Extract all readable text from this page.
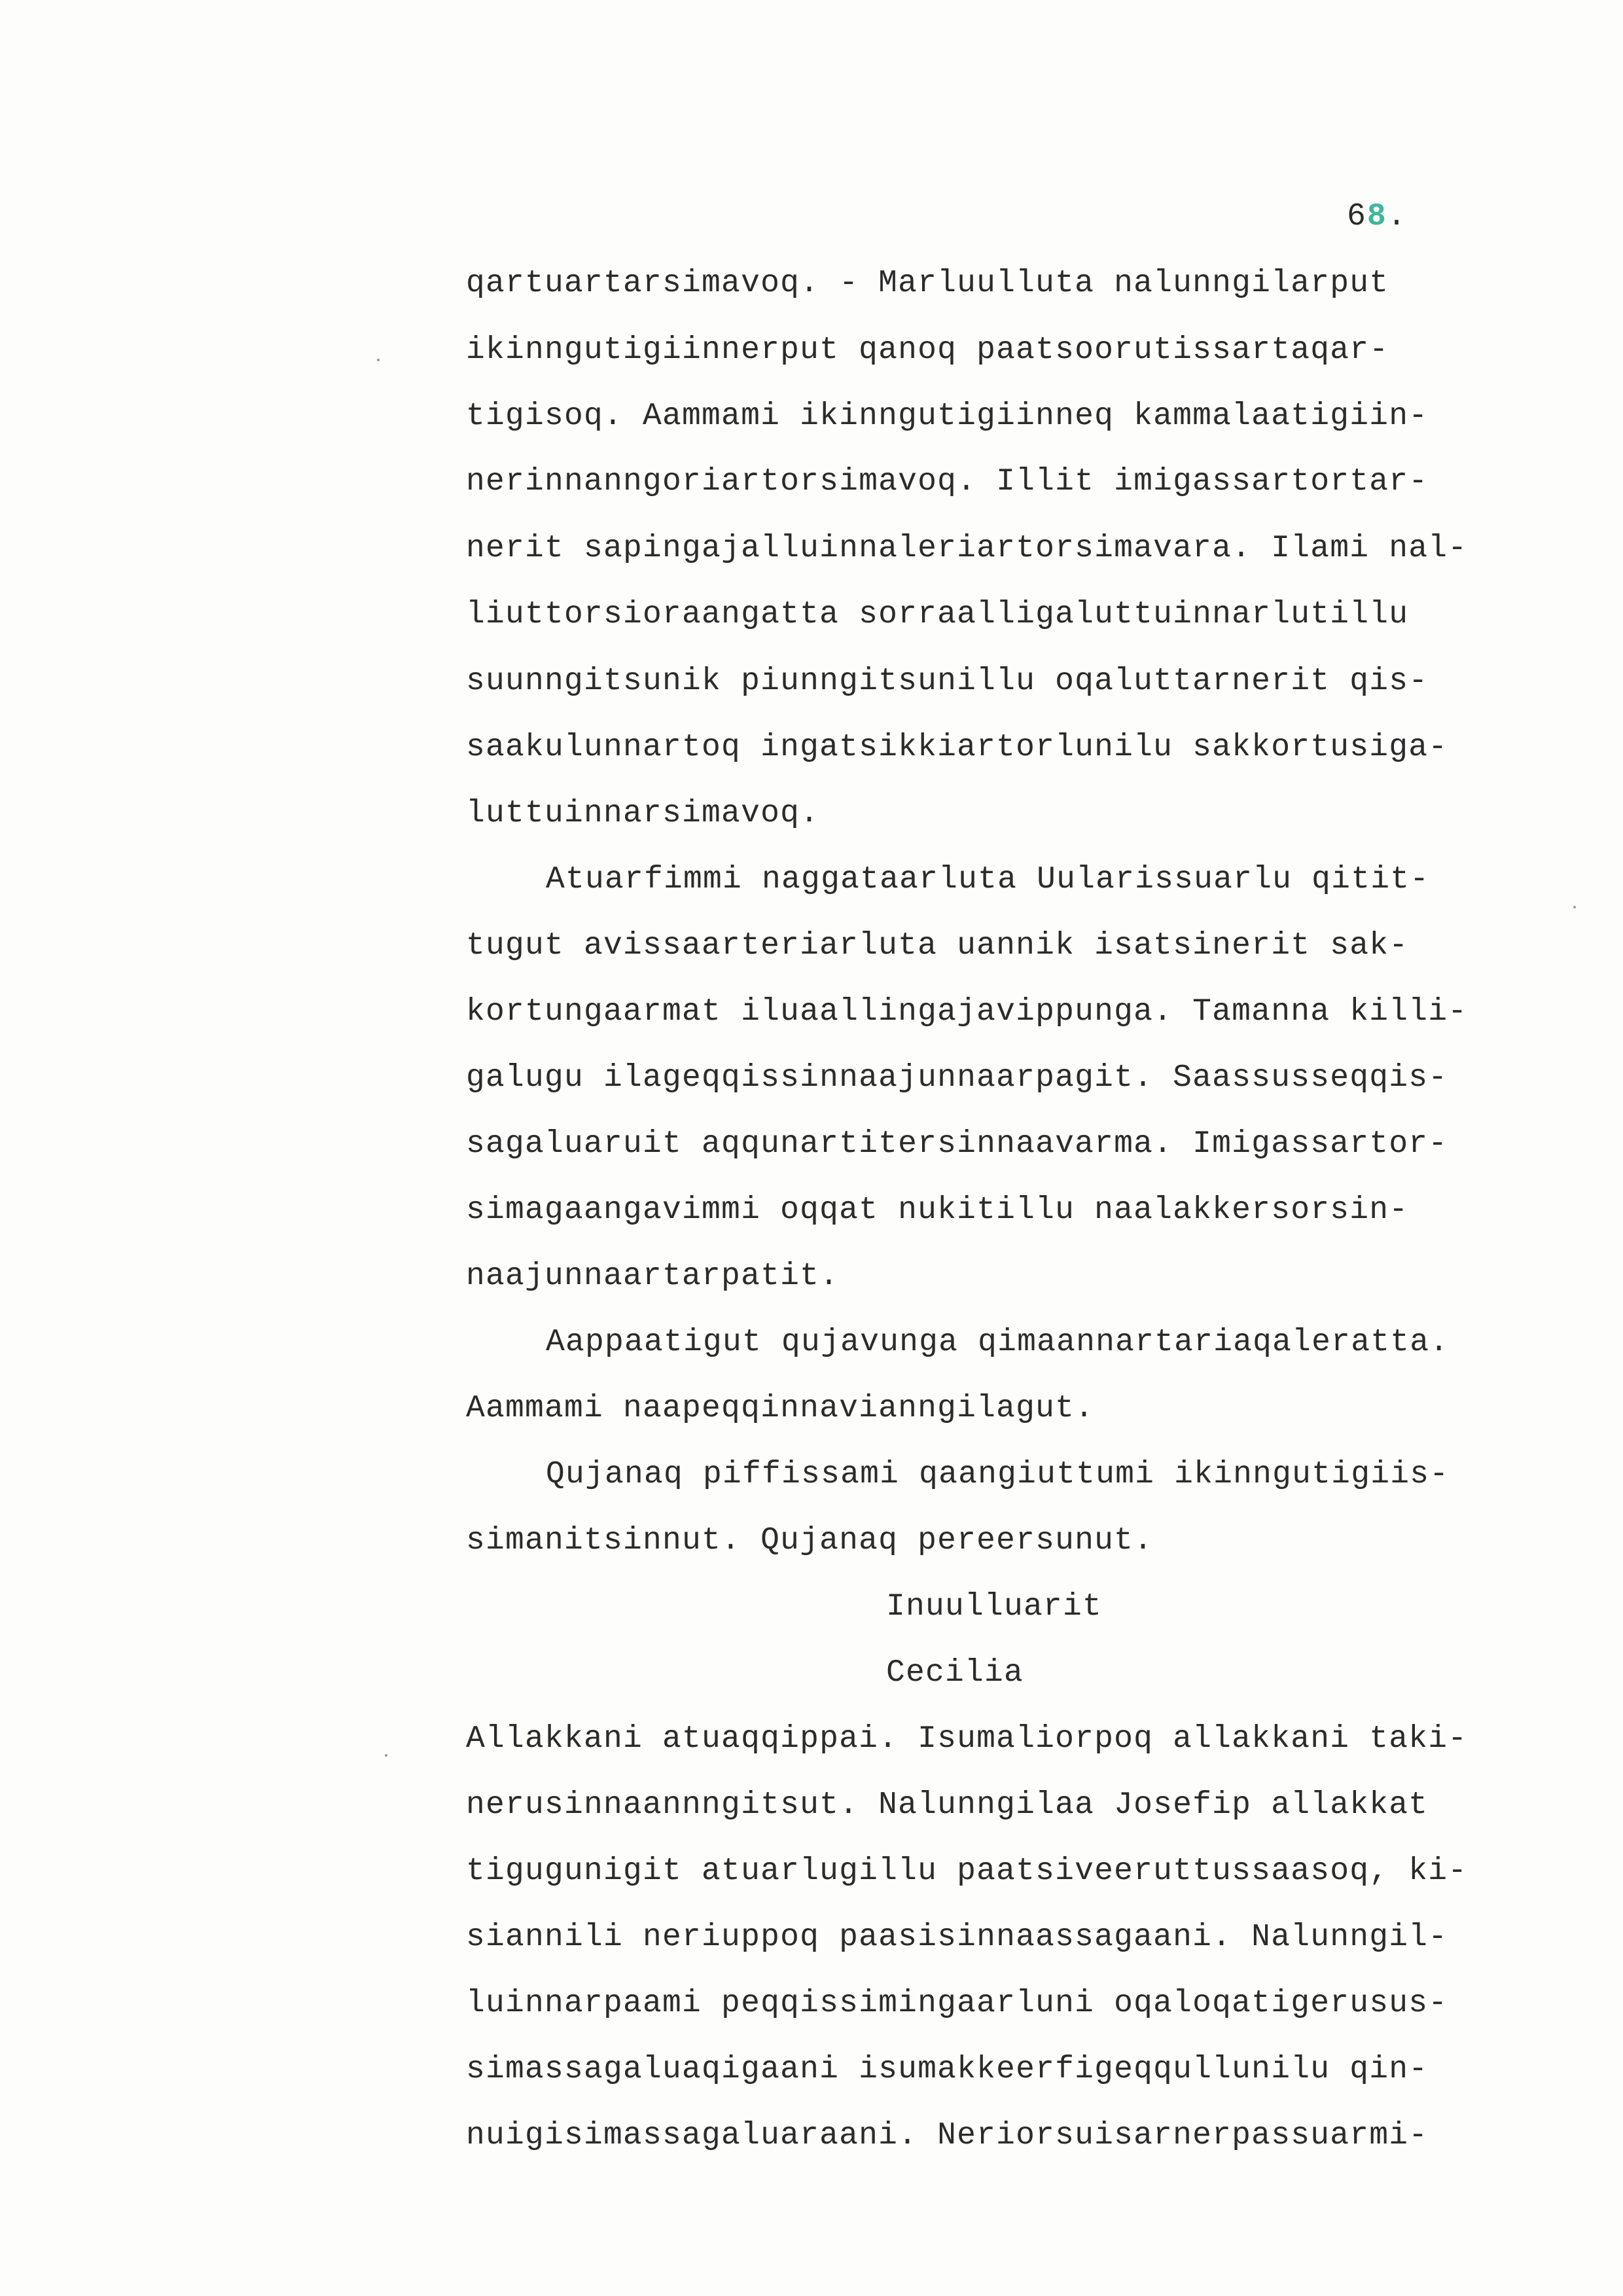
68.
qartuartarsimavoq. - Marluulluta nalunngilarput
ikinngutigiinnerput qanoq paatsoorutissartaqar-
tigisoq. Aammami ikinngutigiinneq kammalaatigiin-
nerinnanngoriartorsimavoq. Illit imigassartortar-
nerit sapingajalluinnaleriartorsimavara. Ilami nal-
liuttorsioraangatta sorraalligaluttuinnarlutillu
suunngitsunik piunngitsunillu oqaluttarnerit qis-
saakulunnartoq ingatsikkiartorlunilu sakkortusiga-
luttuinnarsimavoq.
Atuarfimmi naggataarluta Uularissuarlu qitit-
tugut avissaarteriarluta uannik isatsinerit sak-
kortungaarmat iluaallingajavippunga. Tamanna killi-
galugu ilageqqissinnaajunnaarpagit. Saassusseqqis-
sagaluaruit aqqunartitersinnaavarma. Imigassartor-
simagaangavimmi oqqat nukitillu naalakkersorsin-
naajunnaartarpatit.
Aappaatigut qujavunga qimaannartariaqaleratta.
Aammami naapeqqinnavianngilagut.
Qujanaq piffissami qaangiuttumi ikinngutigiis-
simanitsinnut. Qujanaq pereersunut.
Inuulluarit
Cecilia
Allakkani atuaqqippai. Isumaliorpoq allakkani taki-
nerusinnaannngitsut. Nalunngilaa Josefip allakkat
tigugunigit atuarlugillu paatsiveeruttussaasoq, ki-
siannili neriuppoq paasisinnaassagaani. Nalunngil-
luinnarpaami peqqissimingaarluni oqaloqatigerusus-
simassagaluaqigaani isumakkeerfigeqqullunilu qin-
nuigisimassagaluaraani. Neriorsuisarnerpassuarmi-
